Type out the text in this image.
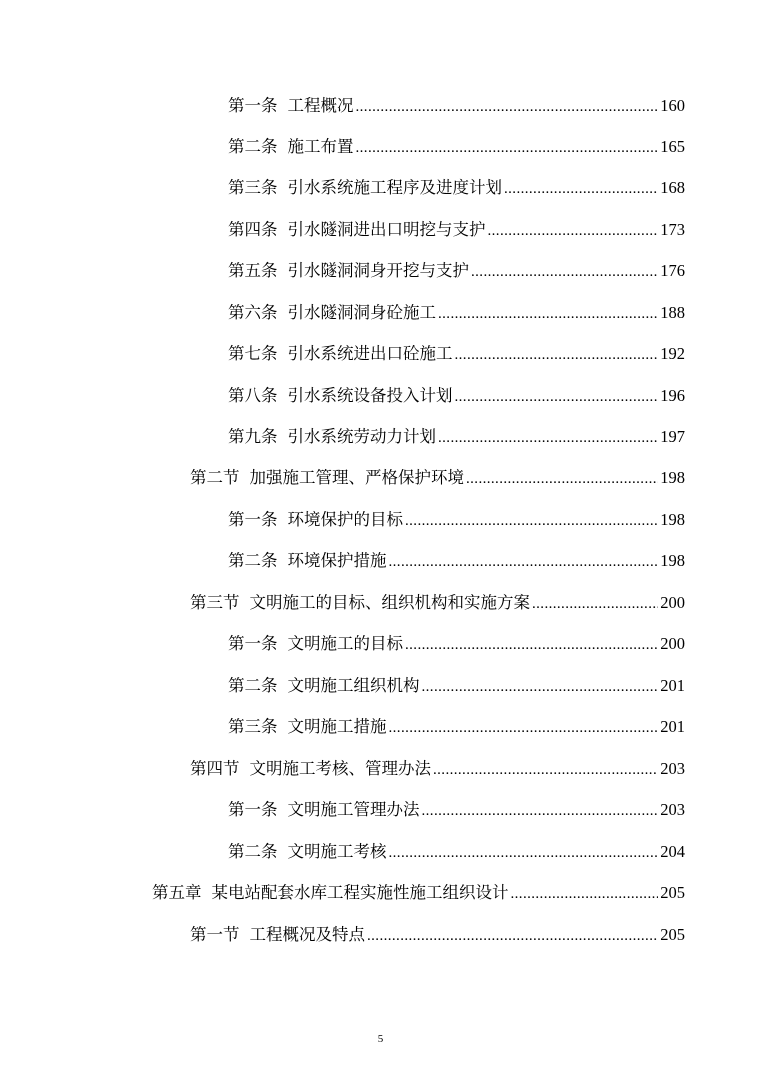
第一条 工程概况 .....	160
第二条 施工布置 .....	165
第三条 引水系统施工程序及进度计划 .....	168
第四条 引水隧洞进出口明挖与支护 .....	173
第五条 引水隧洞洞身开挖与支护 .....	176
第六条 引水隧洞洞身砼施工 .....	188
第七条 引水系统进出口砼施工 .....	192
第八条 引水系统设备投入计划 .....	196
第九条 引水系统劳动力计划 .....	197
第二节 加强施工管理、严格保护环境 .....	198
第一条 环境保护的目标 .....	198
第二条 环境保护措施 .....	198
第三节 文明施工的目标、组织机构和实施方案 .....	200
第一条 文明施工的目标 .....	200
第二条 文明施工组织机构 .....	201
第三条 文明施工措施 .....	201
第四节 文明施工考核、管理办法 .....	203
第一条 文明施工管理办法 .....	203
第二条 文明施工考核 .....	204
第五章 某电站配套水库工程实施性施工组织设计 .....	205
第一节 工程概况及特点 .....	205
5
